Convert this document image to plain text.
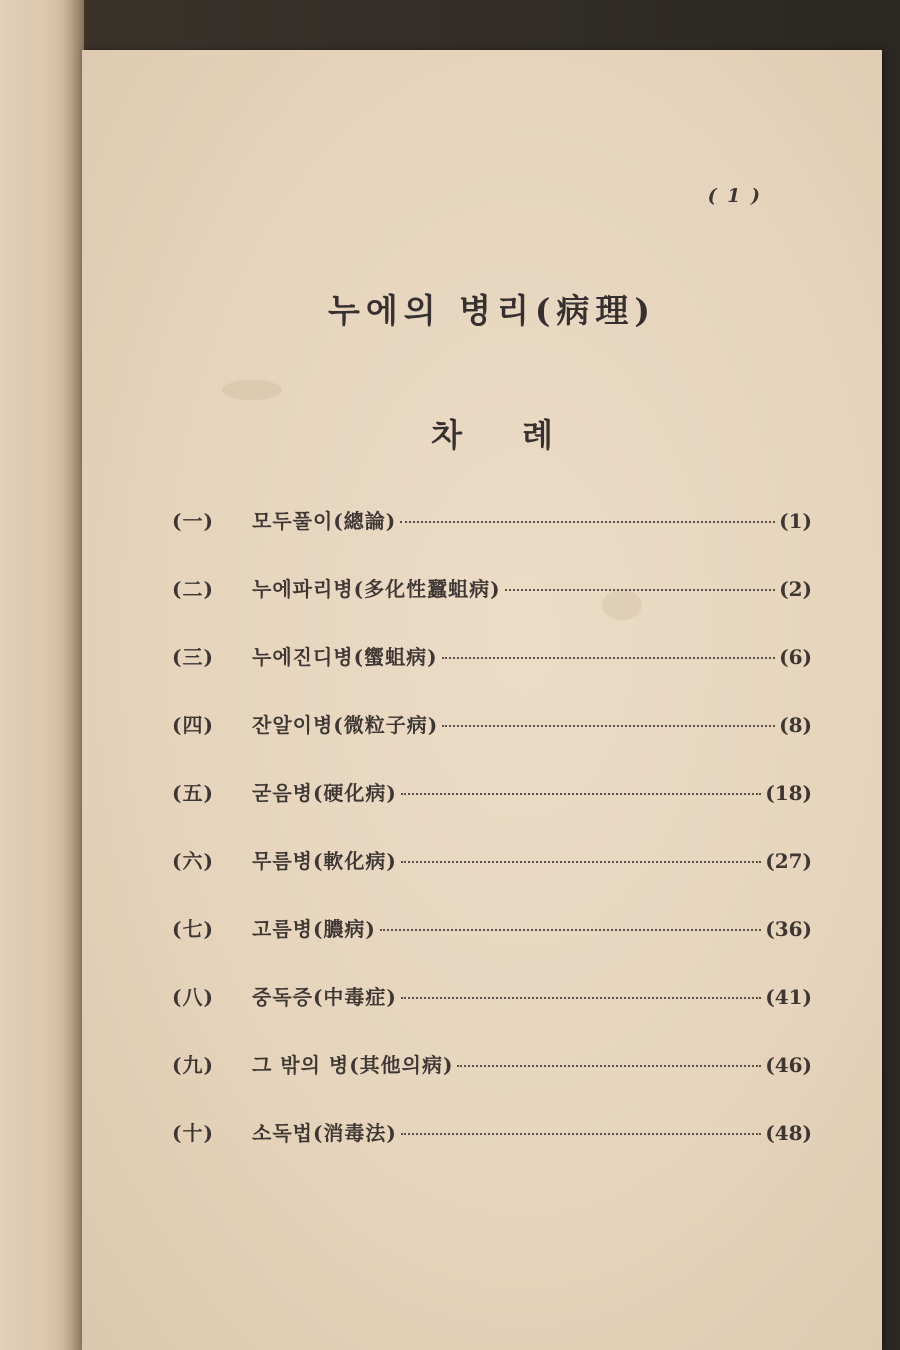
( 1 )
누에의 병리(病理)
차례
(一)	모두풀이(總論)	(1)
(二)	누에파리병(多化性蠶蛆病)	(2)
(三)	누에진디병(蠁蛆病)	(6)
(四)	잔알이병(微粒子病)	(8)
(五)	굳음병(硬化病)	(18)
(六)	무름병(軟化病)	(27)
(七)	고름병(膿病)	(36)
(八)	중독증(中毒症)	(41)
(九)	그 밖의 병(其他의病)	(46)
(十)	소독법(消毒法)	(48)
